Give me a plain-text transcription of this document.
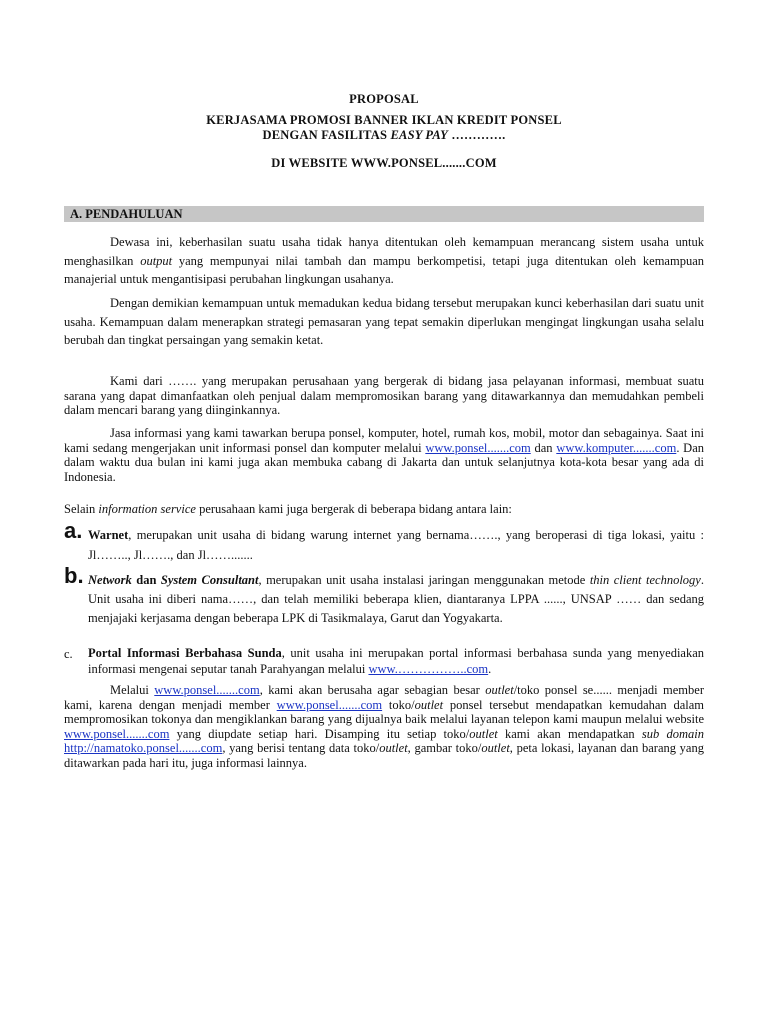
PROPOSAL
KERJASAMA PROMOSI BANNER IKLAN KREDIT PONSEL
DENGAN FASILITAS EASY PAY ………….
DI WEBSITE WWW.PONSEL.......COM
A. PENDAHULUAN

Dewasa ini, keberhasilan suatu usaha tidak hanya ditentukan oleh kemampuan merancang sistem usaha untuk menghasilkan output yang mempunyai nilai tambah dan mampu berkompetisi, tetapi juga ditentukan oleh kemampuan manajerial untuk mengantisipasi perubahan lingkungan usahanya.

Dengan demikian kemampuan untuk memadukan kedua bidang tersebut merupakan kunci keberhasilan dari suatu unit usaha. Kemampuan dalam menerapkan strategi pemasaran yang tepat semakin diperlukan mengingat lingkungan usaha selalu berubah dan tingkat persaingan yang semakin ketat.

Kami dari ……. yang merupakan perusahaan yang bergerak di bidang jasa pelayanan informasi, membuat suatu sarana yang dapat dimanfaatkan oleh penjual dalam mempromosikan barang yang ditawarkannya dan memudahkan pembeli dalam mencari barang yang diinginkannya.

Jasa informasi yang kami tawarkan berupa ponsel, komputer, hotel, rumah kos, mobil, motor dan sebagainya. Saat ini kami sedang mengerjakan unit informasi ponsel dan komputer melalui www.ponsel.......com dan www.komputer.......com. Dan dalam waktu dua bulan ini kami juga akan membuka cabang di Jakarta dan untuk selanjutnya kota-kota besar yang ada di Indonesia.

Selain information service perusahaan kami juga bergerak di beberapa bidang antara lain:

a. Warnet, merupakan unit usaha di bidang warung internet yang bernama……., yang beroperasi di tiga lokasi, yaitu : Jl…….., Jl……., dan Jl…….......
b. Network dan System Consultant, merupakan unit usaha instalasi jaringan menggunakan metode thin client technology. Unit usaha ini diberi nama……, dan telah memiliki beberapa klien, diantaranya LPPA ......, UNSAP …… dan sedang menjajaki kerjasama dengan beberapa LPK di Tasikmalaya, Garut dan Yogyakarta.
c. Portal Informasi Berbahasa Sunda, unit usaha ini merupakan portal informasi berbahasa sunda yang menyediakan informasi mengenai seputar tanah Parahyangan melalui www.……………..com.

Melalui www.ponsel.......com, kami akan berusaha agar sebagian besar outlet/toko ponsel se...... menjadi member kami, karena dengan menjadi member www.ponsel.......com toko/outlet ponsel tersebut mendapatkan kemudahan dalam mempromosikan tokonya dan mengiklankan barang yang dijualnya baik melalui layanan telepon kami maupun melalui website www.ponsel.......com yang diupdate setiap hari. Disamping itu setiap toko/outlet kami akan mendapatkan sub domain http://namatoko.ponsel.......com, yang berisi tentang data toko/outlet, gambar toko/outlet, peta lokasi, layanan dan barang yang ditawarkan pada hari itu, juga informasi lainnya.
